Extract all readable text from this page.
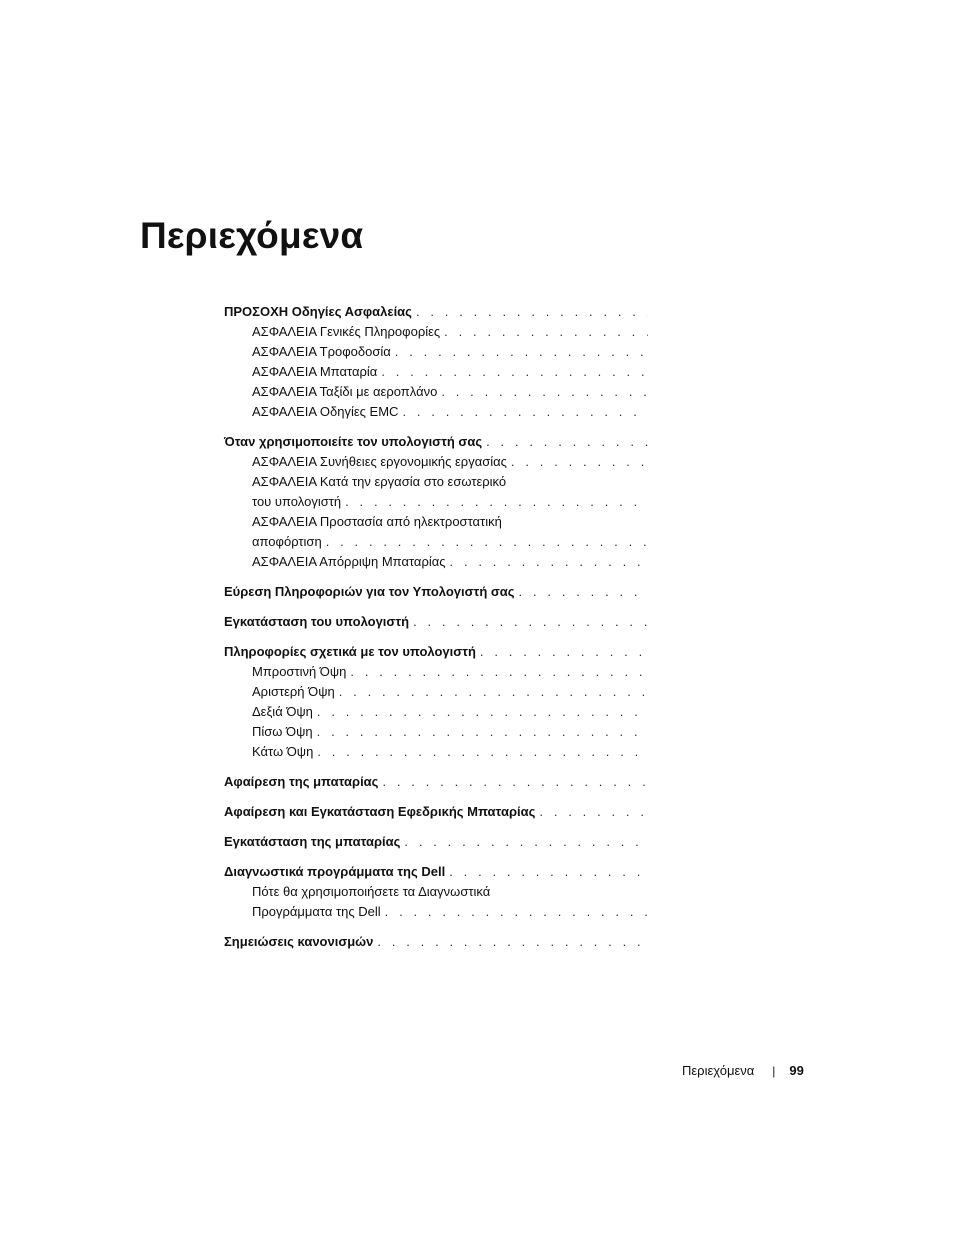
Περιεχόμενα
ΠΡΟΣΟΧΗ Οδηγίες Ασφαλείας
. . .
ΑΣΦΑΛΕΙΑ Γενικές Πληροφορίες
. . .
ΑΣΦΑΛΕΙΑ Τροφοδοσία
. . .
ΑΣΦΑΛΕΙΑ Μπαταρία
. . .
ΑΣΦΑΛΕΙΑ Ταξίδι με αεροπλάνο
. . .
ΑΣΦΑΛΕΙΑ Οδηγίες EMC
. . .
Όταν χρησιμοποιείτε τον υπολογιστή σας
. . .
ΑΣΦΑΛΕΙΑ Συνήθειες εργονομικής εργασίας
. . .
ΑΣΦΑΛΕΙΑ Κατά την εργασία στο εσωτερικό
του υπολογιστή
. . .
ΑΣΦΑΛΕΙΑ Προστασία από ηλεκτροστατική
αποφόρτιση
. . .
ΑΣΦΑΛΕΙΑ Απόρριψη Μπαταρίας
. . .
Εύρεση Πληροφοριών για τον Υπολογιστή σας
. . .
Εγκατάσταση του υπολογιστή
. . .
Πληροφορίες σχετικά με τον υπολογιστή
. . .
Μπροστινή Όψη
. . .
Αριστερή Όψη
. . .
Δεξιά Όψη
. . .
Πίσω Όψη
. . .
Κάτω Όψη
. . .
Αφαίρεση της μπαταρίας
. . .
Αφαίρεση και Εγκατάσταση Εφεδρικής Μπαταρίας
. . .
Εγκατάσταση της μπαταρίας
. . .
Διαγνωστικά προγράμματα της Dell
. . .
Πότε θα χρησιμοποιήσετε τα Διαγνωστικά
Προγράμματα της Dell
. . .
Σημειώσεις κανονισμών
. . .
Περιεχόμενα | 99
